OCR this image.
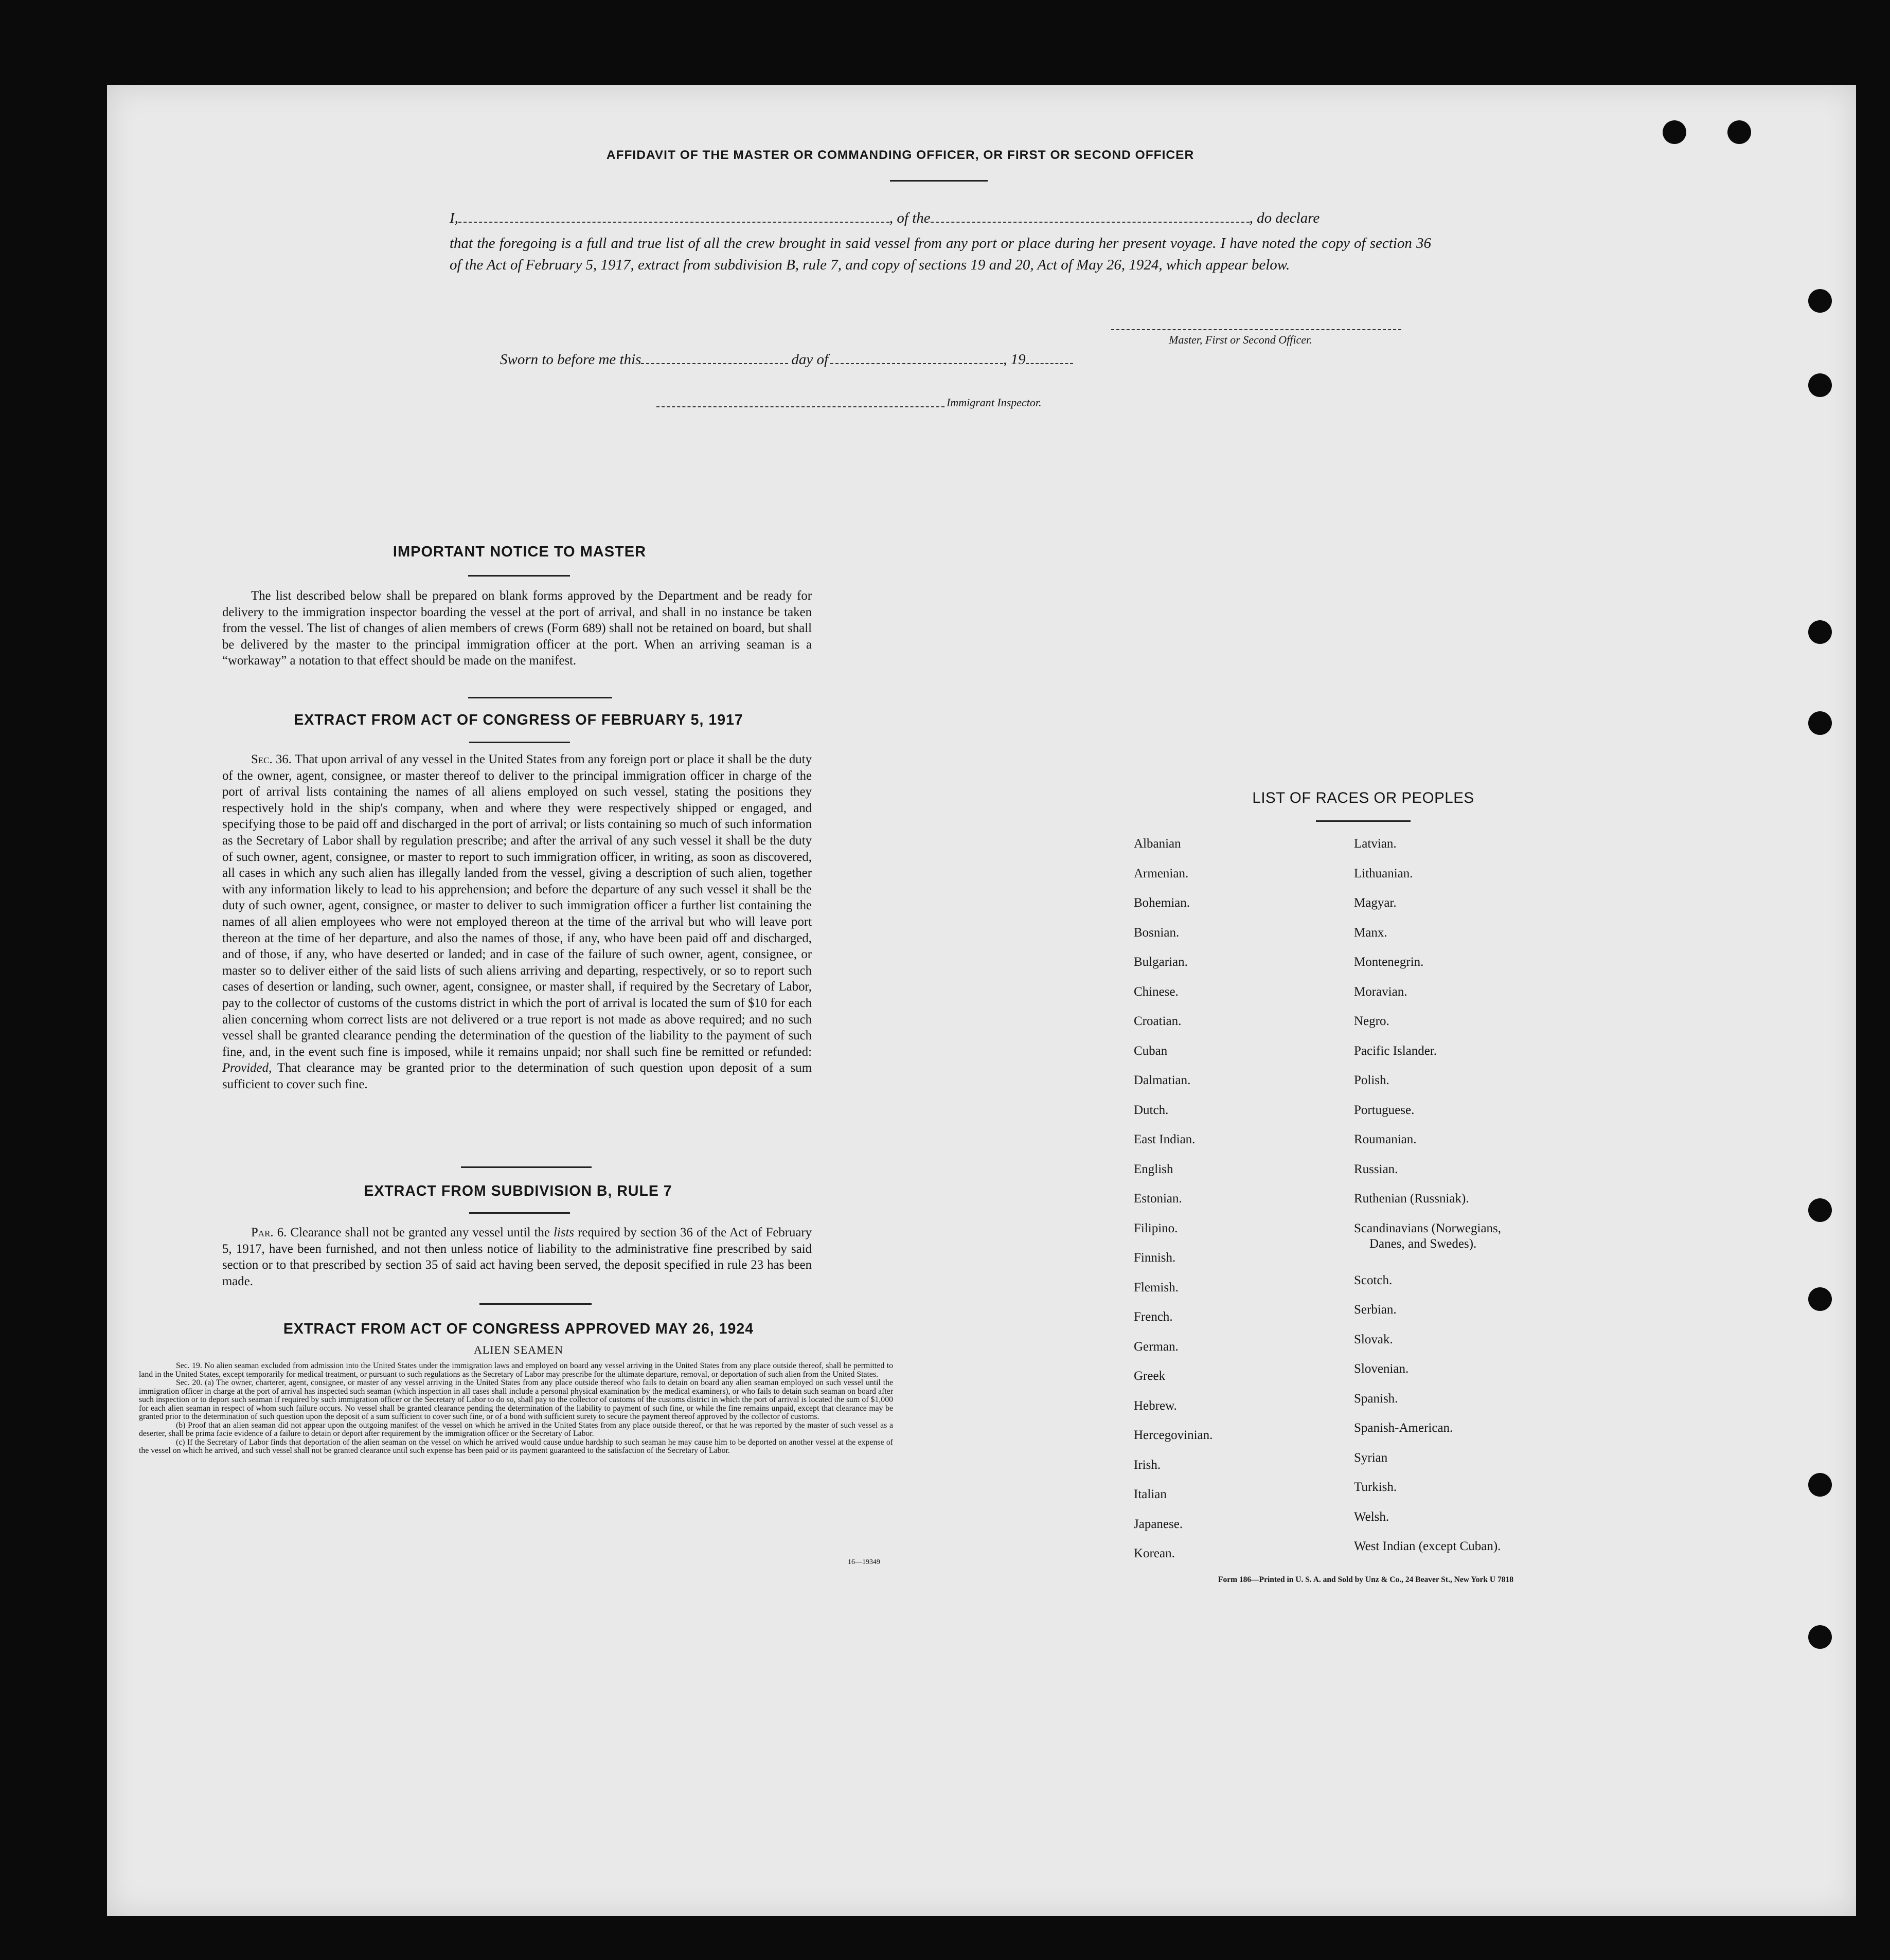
AFFIDAVIT OF THE MASTER OR COMMANDING OFFICER, OR FIRST OR SECOND OFFICER
I,	, of the	, do declare
that the foregoing is a full and true list of all the crew brought in said vessel from any port or place during her present voyage. I have noted the copy of section 36 of the Act of February 5, 1917, extract from subdivision B, rule 7, and copy of sections 19 and 20, Act of May 26, 1924, which appear below.
Master, First or Second Officer.
Sworn to before me this	day of	, 19
Immigrant Inspector.
IMPORTANT NOTICE TO MASTER
The list described below shall be prepared on blank forms approved by the Department and be ready for delivery to the immigration inspector boarding the vessel at the port of arrival, and shall in no instance be taken from the vessel. The list of changes of alien members of crews (Form 689) shall not be retained on board, but shall be delivered by the master to the principal immigration officer at the port. When an arriving seaman is a “workaway” a notation to that effect should be made on the manifest.
EXTRACT FROM ACT OF CONGRESS OF FEBRUARY 5, 1917
Sec. 36. That upon arrival of any vessel in the United States from any foreign port or place it shall be the duty of the owner, agent, consignee, or master thereof to deliver to the principal immigration officer in charge of the port of arrival lists containing the names of all aliens employed on such vessel, stating the positions they respectively hold in the ship's company, when and where they were respectively shipped or engaged, and specifying those to be paid off and discharged in the port of arrival; or lists containing so much of such information as the Secretary of Labor shall by regulation prescribe; and after the arrival of any such vessel it shall be the duty of such owner, agent, consignee, or master to report to such immigration officer, in writing, as soon as discovered, all cases in which any such alien has illegally landed from the vessel, giving a description of such alien, together with any information likely to lead to his apprehension; and before the departure of any such vessel it shall be the duty of such owner, agent, consignee, or master to deliver to such immigration officer a further list containing the names of all alien employees who were not employed thereon at the time of the arrival but who will leave port thereon at the time of her departure, and also the names of those, if any, who have been paid off and discharged, and of those, if any, who have deserted or landed; and in case of the failure of such owner, agent, consignee, or master so to deliver either of the said lists of such aliens arriving and departing, respectively, or so to report such cases of desertion or landing, such owner, agent, consignee, or master shall, if required by the Secretary of Labor, pay to the collector of customs of the customs district in which the port of arrival is located the sum of $10 for each alien concerning whom correct lists are not delivered or a true report is not made as above required; and no such vessel shall be granted clearance pending the determination of the question of the liability to the payment of such fine, and, in the event such fine is imposed, while it remains unpaid; nor shall such fine be remitted or refunded: Provided, That clearance may be granted prior to the determination of such question upon deposit of a sum sufficient to cover such fine.
EXTRACT FROM SUBDIVISION B, RULE 7
Par. 6. Clearance shall not be granted any vessel until the lists required by section 36 of the Act of February 5, 1917, have been furnished, and not then unless notice of liability to the administrative fine prescribed by said section or to that prescribed by section 35 of said act having been served, the deposit specified in rule 23 has been made.
EXTRACT FROM ACT OF CONGRESS APPROVED MAY 26, 1924
ALIEN SEAMEN
Sec. 19. No alien seaman excluded from admission into the United States under the immigration laws and employed on board any vessel arriving in the United States from any place outside thereof, shall be permitted to land in the United States, except temporarily for medical treatment, or pursuant to such regulations as the Secretary of Labor may prescribe for the ultimate departure, removal, or deportation of such alien from the United States.
Sec. 20. (a) The owner, charterer, agent, consignee, or master of any vessel arriving in the United States from any place outside thereof who fails to detain on board any alien seaman employed on such vessel until the immigration officer in charge at the port of arrival has inspected such seaman (which inspection in all cases shall include a personal physical examination by the medical examiners), or who fails to detain such seaman on board after such inspection or to deport such seaman if required by such immigration officer or the Secretary of Labor to do so, shall pay to the collector of customs of the customs district in which the port of arrival is located the sum of $1,000 for each alien seaman in respect of whom such failure occurs. No vessel shall be granted clearance pending the determination of the liability to payment of such fine, or while the fine remains unpaid, except that clearance may be granted prior to the determination of such question upon the deposit of a sum sufficient to cover such fine, or of a bond with sufficient surety to secure the payment thereof approved by the collector of customs.
(b) Proof that an alien seaman did not appear upon the outgoing manifest of the vessel on which he arrived in the United States from any place outside thereof, or that he was reported by the master of such vessel as a deserter, shall be prima facie evidence of a failure to detain or deport after requirement by the immigration officer or the Secretary of Labor.
(c) If the Secretary of Labor finds that deportation of the alien seaman on the vessel on which he arrived would cause undue hardship to such seaman he may cause him to be deported on another vessel at the expense of the vessel on which he arrived, and such vessel shall not be granted clearance until such expense has been paid or its payment guaranteed to the satisfaction of the Secretary of Labor.
16—19349
LIST OF RACES OR PEOPLES
Albanian
Armenian.
Bohemian.
Bosnian.
Bulgarian.
Chinese.
Croatian.
Cuban
Dalmatian.
Dutch.
East Indian.
English
Estonian.
Filipino.
Finnish.
Flemish.
French.
German.
Greek
Hebrew.
Hercegovinian.
Irish.
Italian
Japanese.
Korean.
Latvian.
Lithuanian.
Magyar.
Manx.
Montenegrin.
Moravian.
Negro.
Pacific Islander.
Polish.
Portuguese.
Roumanian.
Russian.
Ruthenian (Russniak).
Scandinavians (Norwegians,
Danes, and Swedes).
Scotch.
Serbian.
Slovak.
Slovenian.
Spanish.
Spanish-American.
Syrian
Turkish.
Welsh.
West Indian (except Cuban).
Form 186—Printed in U. S. A. and Sold by Unz & Co., 24 Beaver St., New York U 7818
